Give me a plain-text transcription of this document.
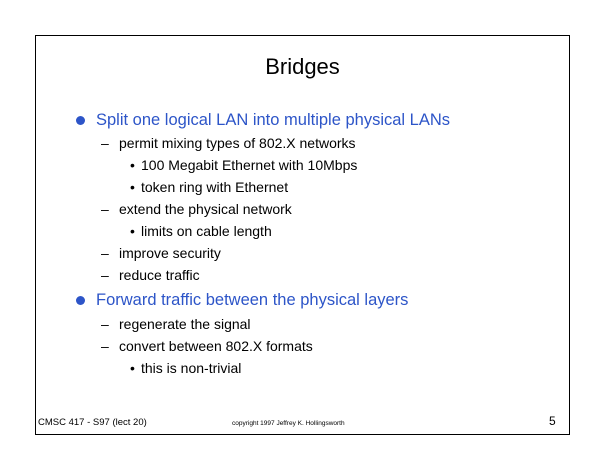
Bridges
Split one logical LAN into multiple physical LANs
– permit mixing types of 802.X networks
• 100 Megabit Ethernet with 10Mbps
• token ring with Ethernet
– extend the physical network
• limits on cable length
– improve security
– reduce traffic
Forward traffic between the physical layers
– regenerate the signal
– convert between 802.X formats
• this is non-trivial
CMSC 417 - S97 (lect 20)	copyright 1997 Jeffrey K. Hollingsworth	5
